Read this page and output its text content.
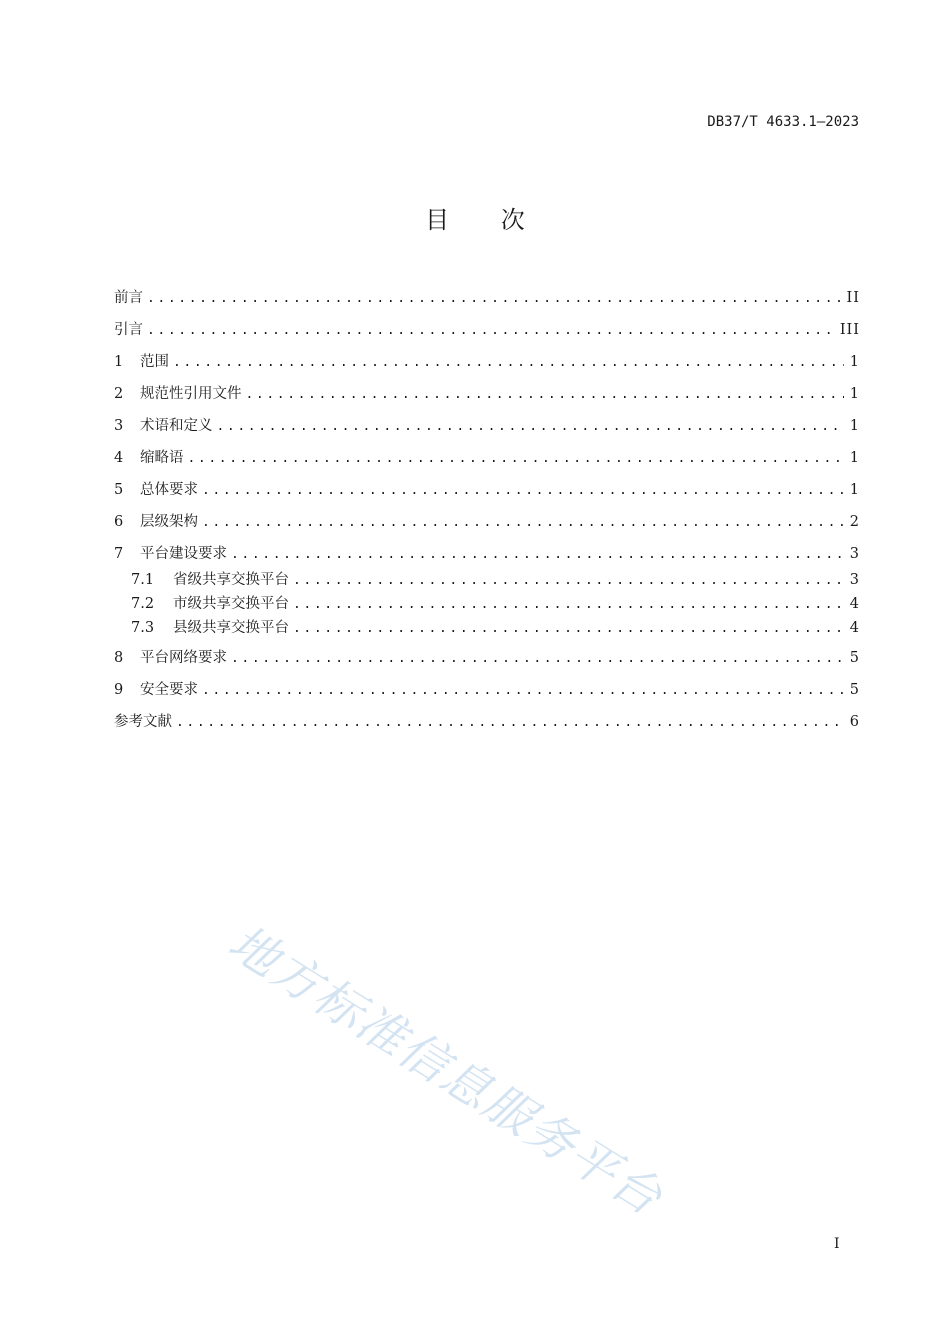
DB37/T 4633.1—2023
目 次
前言 .....	II
引言 .....	III
1	范围 .....	1
2	规范性引用文件 .....	1
3	术语和定义 .....	1
4	缩略语 .....	1
5	总体要求 .....	1
6	层级架构 .....	2
7	平台建设要求 .....	3
7.1	省级共享交换平台 .....	3
7.2	市级共享交换平台 .....	4
7.3	县级共享交换平台 .....	4
8	平台网络要求 .....	5
9	安全要求 .....	5
参考文献 .....	6
地方标准信息服务平台
I
